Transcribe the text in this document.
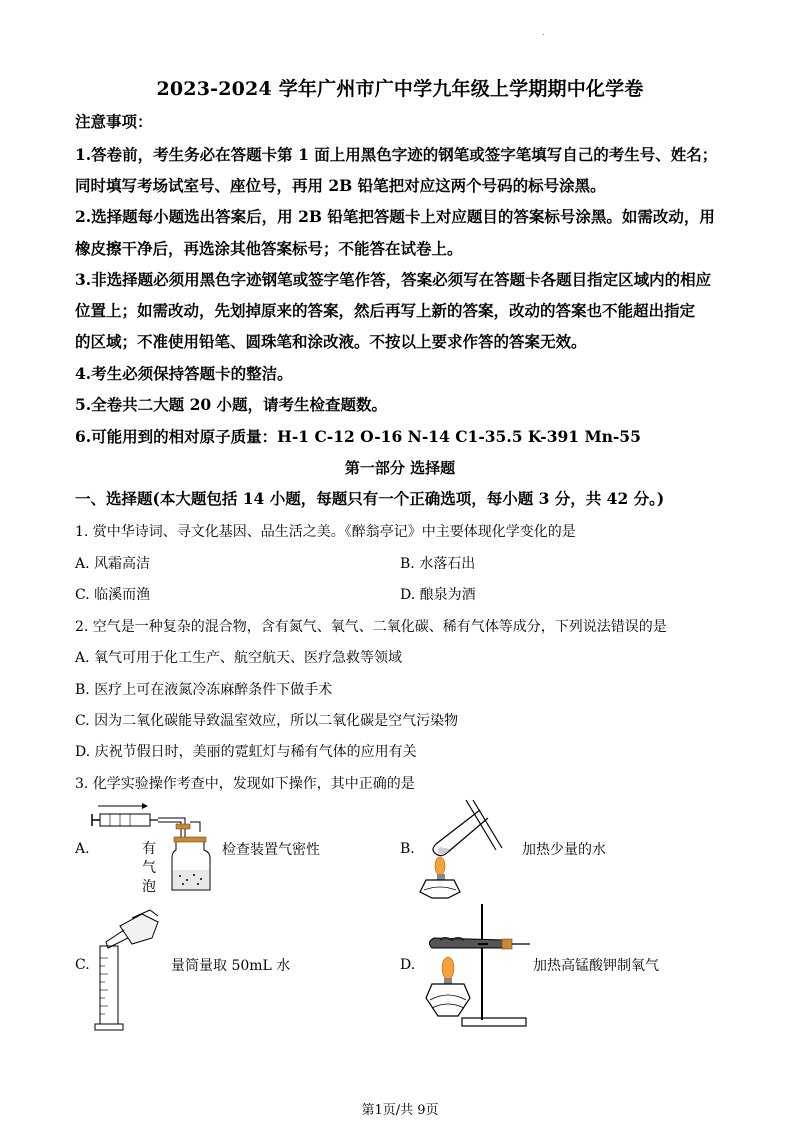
.
2023-2024 学年广州市广中学九年级上学期期中化学卷
注意事项：
1.答卷前，考生务必在答题卡第 1 面上用黑色字迹的钢笔或签字笔填写自己的考生号、姓名；
同时填写考场试室号、座位号，再用 2B 铅笔把对应这两个号码的标号涂黑。
2.选择题每小题选出答案后，用 2B 铅笔把答题卡上对应题目的答案标号涂黑。如需改动，用
橡皮擦干净后，再选涂其他答案标号；不能答在试卷上。
3.非选择题必须用黑色字迹钢笔或签字笔作答，答案必须写在答题卡各题目指定区域内的相应
位置上；如需改动，先划掉原来的答案，然后再写上新的答案，改动的答案也不能超出指定
的区域；不准使用铅笔、圆珠笔和涂改液。不按以上要求作答的答案无效。
4.考生必须保持答题卡的整洁。
5.全卷共二大题 20 小题，请考生检查题数。
6.可能用到的相对原子质量：H-1 C-12 O-16 N-14 C1-35.5 K-391 Mn-55
第一部分 选择题
一、选择题(本大题包括 14 小题，每题只有一个正确选项，每小题 3 分，共 42 分。)
1. 赏中华诗词、寻文化基因、品生活之美。《醉翁亭记》中主要体现化学变化的是
A. 风霜高洁	B. 水落石出
C. 临溪而渔	D. 酿泉为酒
2. 空气是一种复杂的混合物，含有氮气、氧气、二氧化碳、稀有气体等成分，下列说法错误的是
A. 氧气可用于化工生产、航空航天、医疗急救等领域
B. 医疗上可在液氮冷冻麻醉条件下做手术
C. 因为二氧化碳能导致温室效应，所以二氧化碳是空气污染物
D. 庆祝节假日时，美丽的霓虹灯与稀有气体的应用有关
3. 化学实验操作考查中，发现如下操作，其中正确的是
A.	有
气
泡
检查装置气密性	B.	加热少量的水
C.	量筒量取 50mL 水	D.	加热高锰酸钾制氧气
第1页/共 9页
